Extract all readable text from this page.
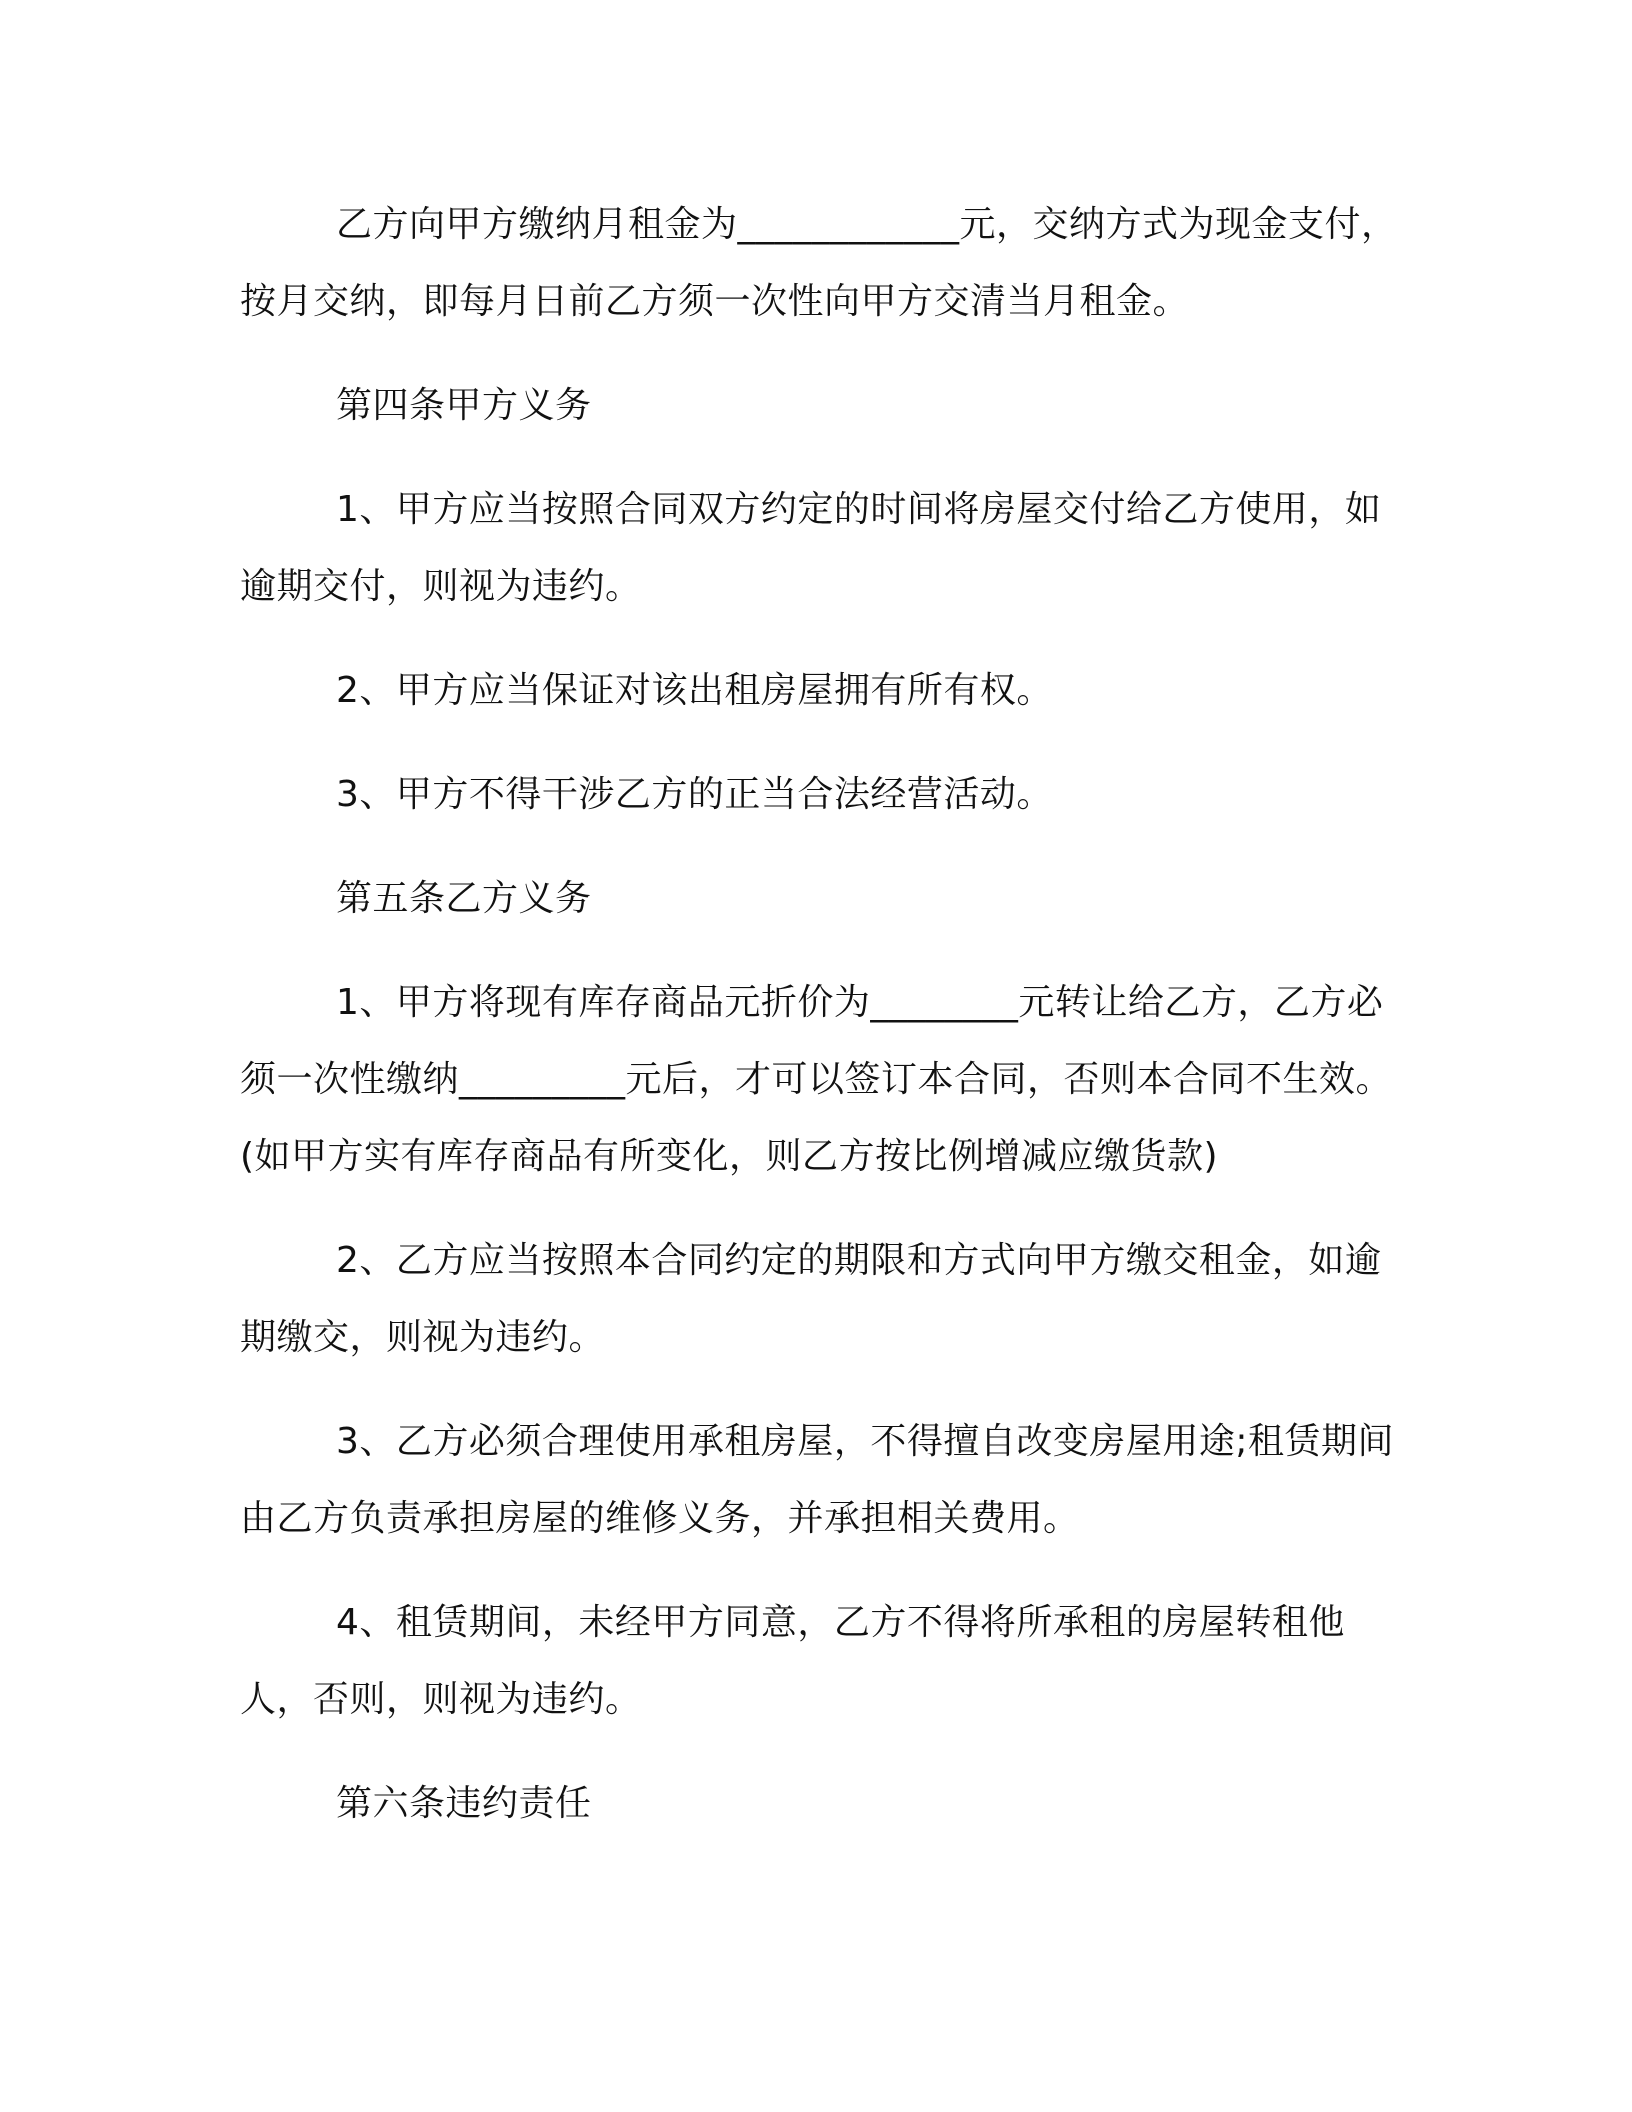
乙方向甲方缴纳月租金为____________元，交纳方式为现金支付，按月交纳，即每月日前乙方须一次性向甲方交清当月租金。

第四条甲方义务

1、甲方应当按照合同双方约定的时间将房屋交付给乙方使用，如逾期交付，则视为违约。

2、甲方应当保证对该出租房屋拥有所有权。

3、甲方不得干涉乙方的正当合法经营活动。

第五条乙方义务

1、甲方将现有库存商品元折价为________元转让给乙方，乙方必须一次性缴纳_________元后，才可以签订本合同，否则本合同不生效。(如甲方实有库存商品有所变化，则乙方按比例增减应缴货款)

2、乙方应当按照本合同约定的期限和方式向甲方缴交租金，如逾期缴交，则视为违约。

3、乙方必须合理使用承租房屋，不得擅自改变房屋用途;租赁期间由乙方负责承担房屋的维修义务，并承担相关费用。

4、租赁期间，未经甲方同意，乙方不得将所承租的房屋转租他人，否则，则视为违约。

第六条违约责任
